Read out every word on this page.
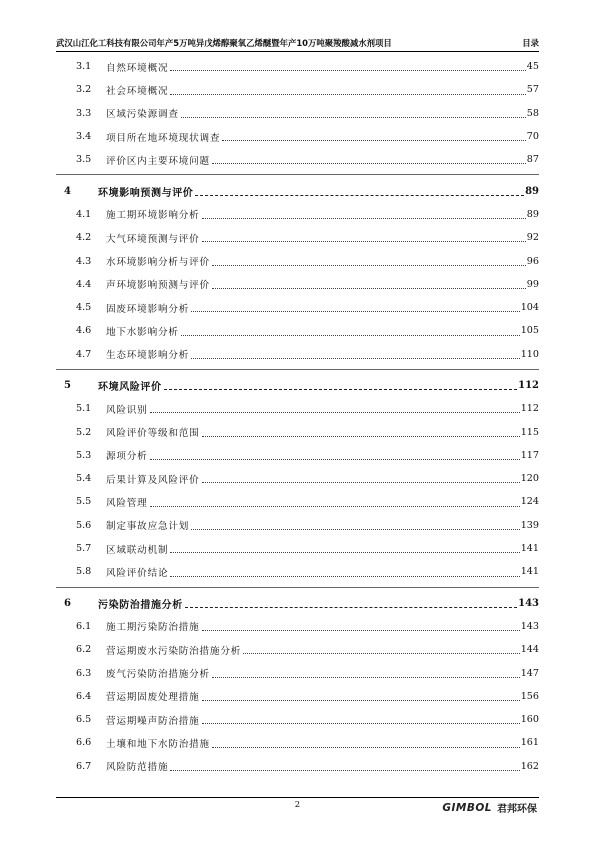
武汉山江化工科技有限公司年产5万吨异戊烯醇聚氧乙烯醚暨年产10万吨聚羧酸减水剂项目	目录
3.1	自然环境概况	45
3.2	社会环境概况	57
3.3	区域污染源调查	58
3.4	项目所在地环境现状调查	70
3.5	评价区内主要环境问题	87
4	环境影响预测与评价	89
4.1	施工期环境影响分析	89
4.2	大气环境预测与评价	92
4.3	水环境影响分析与评价	96
4.4	声环境影响预测与评价	99
4.5	固废环境影响分析	104
4.6	地下水影响分析	105
4.7	生态环境影响分析	110
5	环境风险评价	112
5.1	风险识别	112
5.2	风险评价等级和范围	115
5.3	源项分析	117
5.4	后果计算及风险评价	120
5.5	风险管理	124
5.6	制定事故应急计划	139
5.7	区域联动机制	141
5.8	风险评价结论	141
6	污染防治措施分析	143
6.1	施工期污染防治措施	143
6.2	营运期废水污染防治措施分析	144
6.3	废气污染防治措施分析	147
6.4	营运期固废处理措施	156
6.5	营运期噪声防治措施	160
6.6	土壤和地下水防治措施	161
6.7	风险防范措施	162
2	GIMBOL 君邦环保
